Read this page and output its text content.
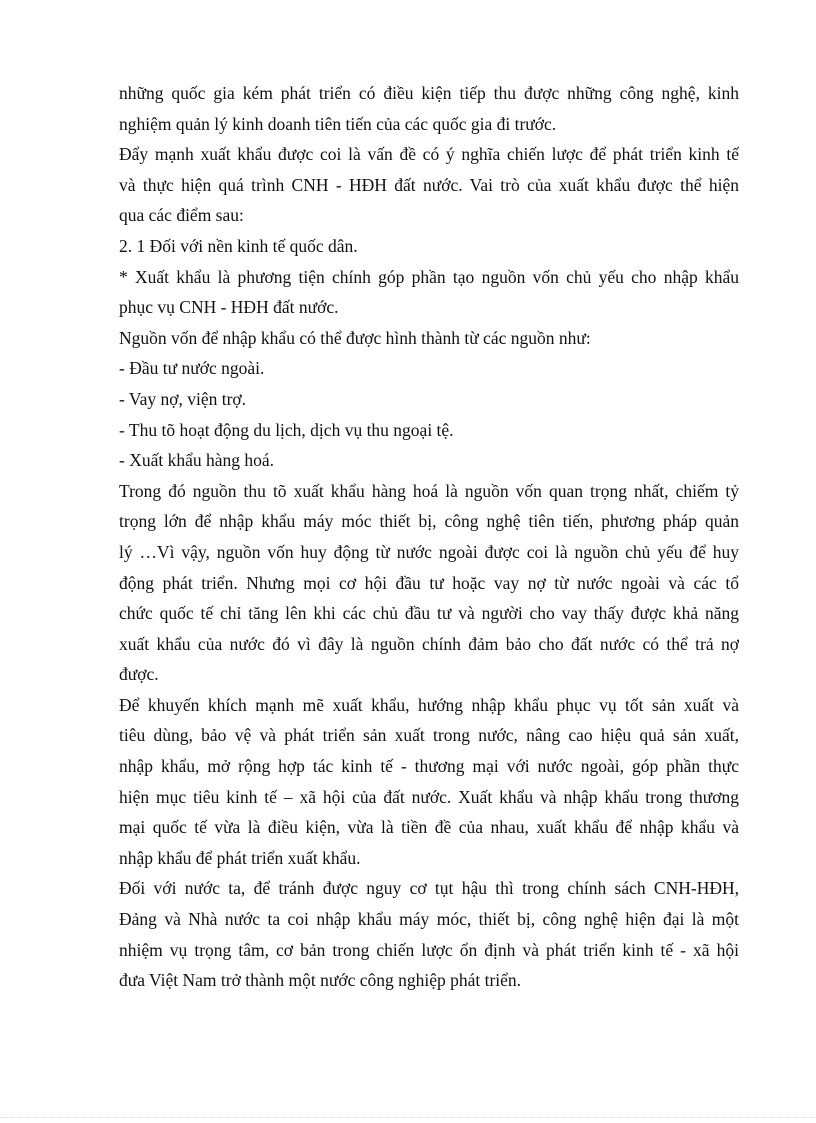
những quốc gia kém phát triển có điều kiện tiếp thu được những công nghệ, kinh
nghiệm quản lý kinh doanh tiên tiến của các quốc gia đi trước.
Đẩy mạnh xuất khẩu được coi là vấn đề có ý nghĩa chiến lược để phát triển kinh tế
và thực hiện quá trình CNH - HĐH đất nước. Vai trò của xuất khẩu được thể hiện
qua các điểm sau:
2. 1 Đối với nền kinh tế quốc dân.
* Xuất khẩu là phương tiện chính góp phần tạo nguồn vốn chủ yếu cho nhập khẩu
phục vụ CNH - HĐH đất nước.
Nguồn vốn để nhập khẩu có thể được hình thành từ các nguồn như:
- Đầu tư nước ngoài.
- Vay nợ, viện trợ.
- Thu tõ hoạt động du lịch, dịch vụ thu ngoại tệ.
- Xuất khẩu hàng hoá.
Trong đó nguồn thu tõ xuất khẩu hàng hoá là nguồn vốn quan trọng nhất, chiếm tỷ
trọng lớn để nhập khẩu máy móc thiết bị, công nghệ tiên tiến, phương pháp quản
lý …Vì vậy, nguồn vốn huy động từ nước ngoài được coi là nguồn chủ yếu để huy
động phát triển. Nhưng mọi cơ hội đầu tư hoặc vay nợ từ nước ngoài và các tổ
chức quốc tế chỉ tăng lên khi các chủ đầu tư và người cho vay thấy được khả năng
xuất khẩu của nước đó vì đây là nguồn chính đảm bảo cho đất nước có thể trả nợ
được.
Để khuyến khích mạnh mẽ xuất khẩu, hướng nhập khẩu phục vụ tốt sản xuất và
tiêu dùng, bảo vệ và phát triển sản xuất trong nước, nâng cao hiệu quả sản xuất,
nhập khẩu, mở rộng hợp tác kinh tế - thương mại với nước ngoài, góp phần thực
hiện mục tiêu kinh tế – xã hội của đất nước. Xuất khẩu và nhập khẩu trong thương
mại quốc tế vừa là điều kiện, vừa là tiền đề của nhau, xuất khẩu để nhập khẩu và
nhập khẩu để phát triển xuất khẩu.
Đối với nước ta, để tránh được nguy cơ tụt hậu thì trong chính sách CNH-HĐH,
Đảng và Nhà nước ta coi nhập khẩu máy móc, thiết bị, công nghệ hiện đại là một
nhiệm vụ trọng tâm, cơ bản trong chiến lược ổn định và phát triển kinh tế - xã hội
đưa Việt Nam trở thành một nước công nghiệp phát triển.
